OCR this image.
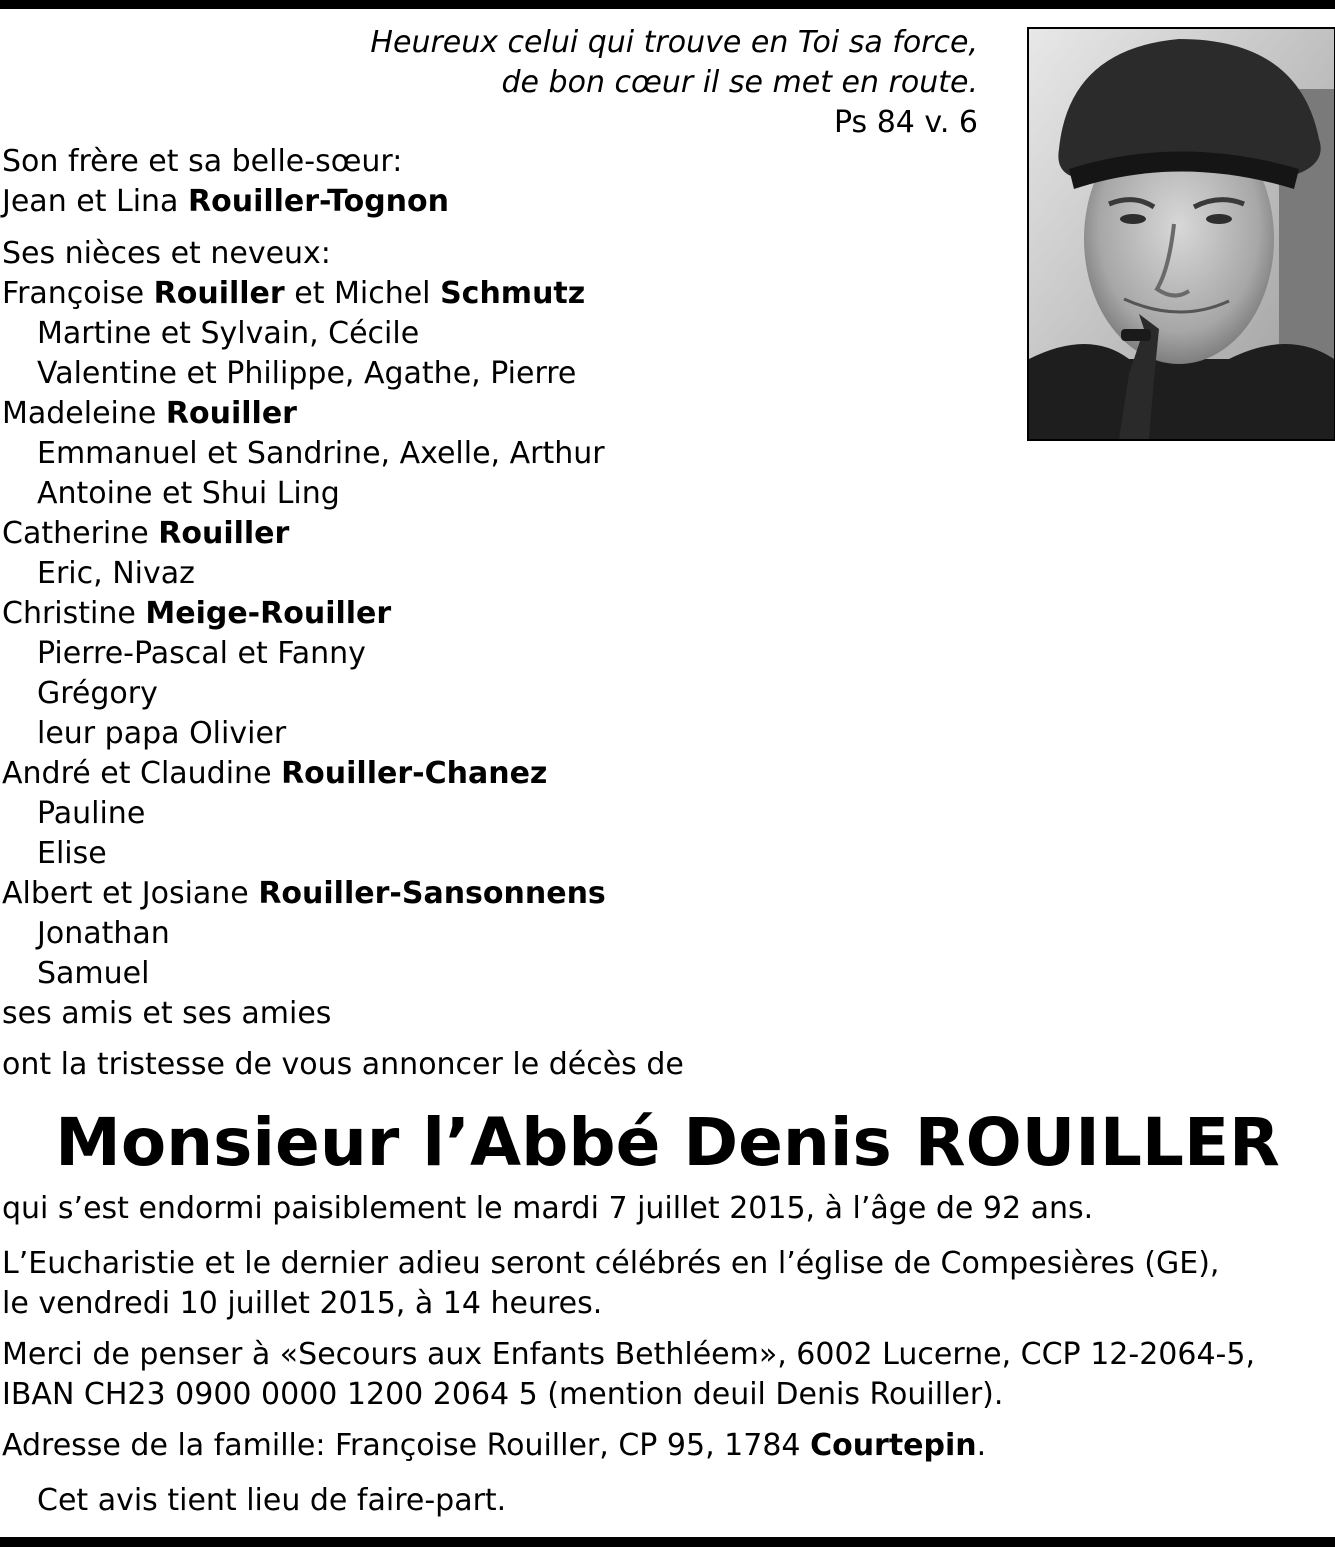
Heureux celui qui trouve en Toi sa force,
de bon cœur il se met en route.
Ps 84 v. 6
Son frère et sa belle-sœur:
Jean et Lina Rouiller-Tognon
Ses nièces et neveux:
Françoise Rouiller et Michel Schmutz
Martine et Sylvain, Cécile
Valentine et Philippe, Agathe, Pierre
Madeleine Rouiller
Emmanuel et Sandrine, Axelle, Arthur
Antoine et Shui Ling
Catherine Rouiller
Eric, Nivaz
Christine Meige-Rouiller
Pierre-Pascal et Fanny
Grégory
leur papa Olivier
André et Claudine Rouiller-Chanez
Pauline
Elise
Albert et Josiane Rouiller-Sansonnens
Jonathan
Samuel
ses amis et ses amies
ont la tristesse de vous annoncer le décès de
Monsieur l’Abbé Denis ROUILLER
qui s’est endormi paisiblement le mardi 7 juillet 2015, à l’âge de 92 ans.
L’Eucharistie et le dernier adieu seront célébrés en l’église de Compesières (GE),
le vendredi 10 juillet 2015, à 14 heures.
Merci de penser à «Secours aux Enfants Bethléem», 6002 Lucerne, CCP 12-2064-5,
IBAN CH23 0900 0000 1200 2064 5 (mention deuil Denis Rouiller).
Adresse de la famille: Françoise Rouiller, CP 95, 1784 Courtepin.
Cet avis tient lieu de faire-part.
